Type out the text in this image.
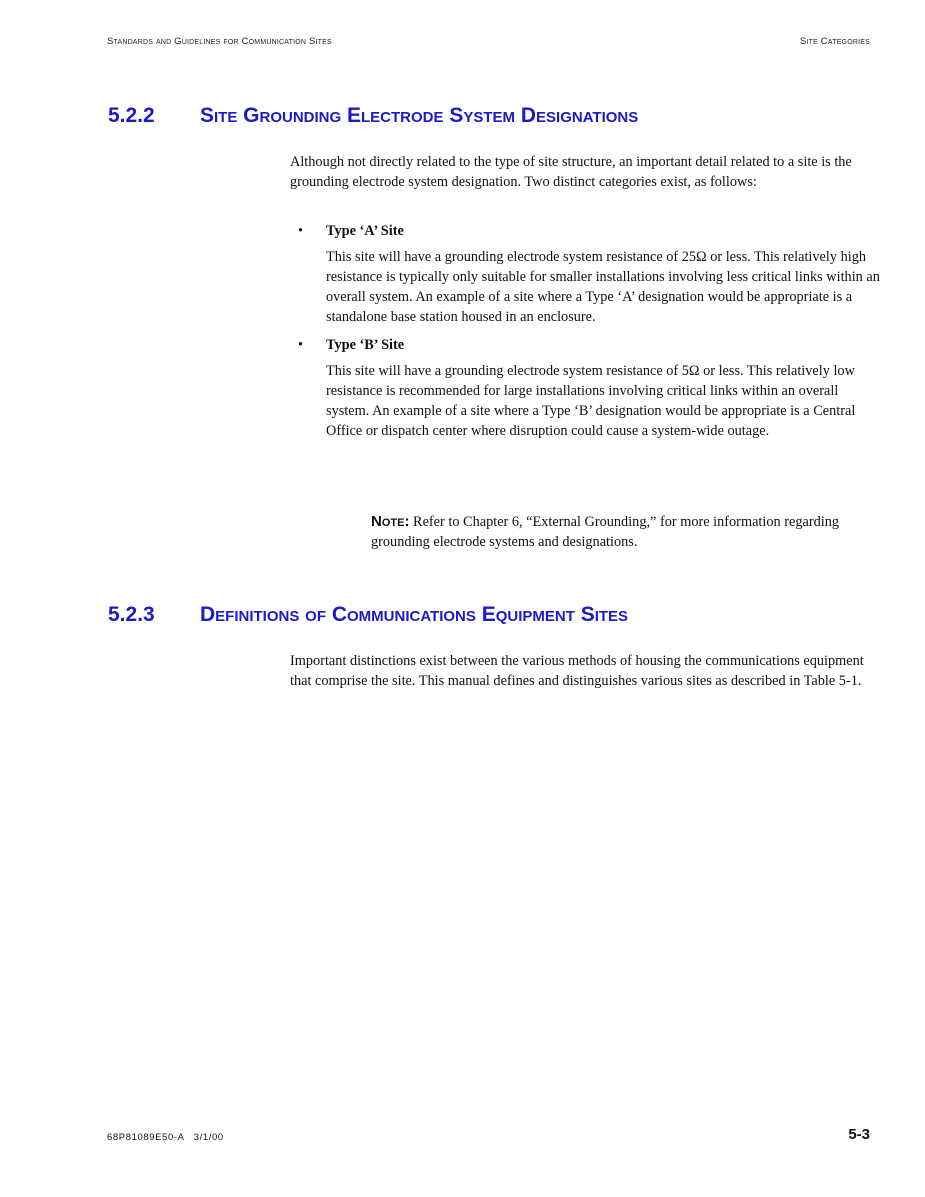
Standards and Guidelines for Communication Sites	Site Categories
5.2.2 Site Grounding Electrode System Designations

Although not directly related to the type of site structure, an important detail related to a site is the grounding electrode system designation. Two distinct categories exist, as follows:

• Type ‘A’ Site

This site will have a grounding electrode system resistance of 25Ω or less. This relatively high resistance is typically only suitable for smaller installations involving less critical links within an overall system. An example of a site where a Type ‘A’ designation would be appropriate is a standalone base station housed in an enclosure.

• Type ‘B’ Site

This site will have a grounding electrode system resistance of 5Ω or less. This relatively low resistance is recommended for large installations involving critical links within an overall system. An example of a site where a Type ‘B’ designation would be appropriate is a Central Office or dispatch center where disruption could cause a system-wide outage.

Note: Refer to Chapter 6, “External Grounding,” for more information regarding grounding electrode systems and designations.
5.2.3 Definitions of Communications Equipment Sites

Important distinctions exist between the various methods of housing the communications equipment that comprise the site. This manual defines and distinguishes various sites as described in Table 5-1.

68P81089E50-A   3/1/00	5-3
